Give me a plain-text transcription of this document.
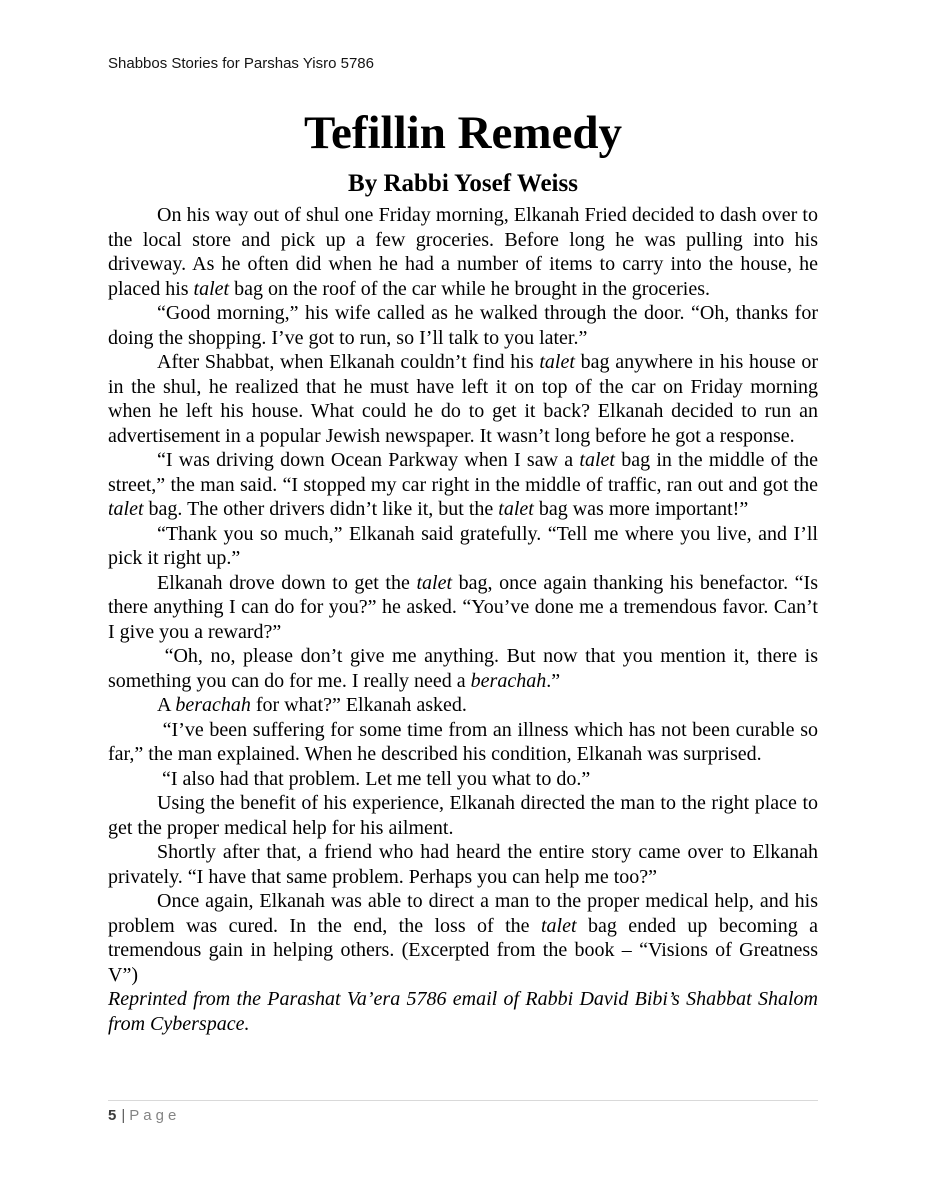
Shabbos Stories for Parshas Yisro 5786
Tefillin Remedy
By Rabbi Yosef Weiss

On his way out of shul one Friday morning, Elkanah Fried decided to dash over to the local store and pick up a few groceries. Before long he was pulling into his driveway. As he often did when he had a number of items to carry into the house, he placed his talet bag on the roof of the car while he brought in the groceries.

“Good morning,” his wife called as he walked through the door. “Oh, thanks for doing the shopping. I’ve got to run, so I’ll talk to you later.”

After Shabbat, when Elkanah couldn’t find his talet bag anywhere in his house or in the shul, he realized that he must have left it on top of the car on Friday morning when he left his house. What could he do to get it back? Elkanah decided to run an advertisement in a popular Jewish newspaper. It wasn’t long before he got a response.

“I was driving down Ocean Parkway when I saw a talet bag in the middle of the street,” the man said. “I stopped my car right in the middle of traffic, ran out and got the talet bag. The other drivers didn’t like it, but the talet bag was more important!”

“Thank you so much,” Elkanah said gratefully. “Tell me where you live, and I’ll pick it right up.”

Elkanah drove down to get the talet bag, once again thanking his benefactor. “Is there anything I can do for you?” he asked. “You’ve done me a tremendous favor. Can’t I give you a reward?”

“Oh, no, please don’t give me anything. But now that you mention it, there is something you can do for me. I really need a berachah.”

A berachah for what?” Elkanah asked.

“I’ve been suffering for some time from an illness which has not been curable so far,” the man explained. When he described his condition, Elkanah was surprised.

“I also had that problem. Let me tell you what to do.”

Using the benefit of his experience, Elkanah directed the man to the right place to get the proper medical help for his ailment.

Shortly after that, a friend who had heard the entire story came over to Elkanah privately. “I have that same problem. Perhaps you can help me too?”

Once again, Elkanah was able to direct a man to the proper medical help, and his problem was cured. In the end, the loss of the talet bag ended up becoming a tremendous gain in helping others. (Excerpted from the book – “Visions of Greatness V”)

Reprinted from the Parashat Va’era 5786 email of Rabbi David Bibi’s Shabbat Shalom from Cyberspace.

5 | Page
